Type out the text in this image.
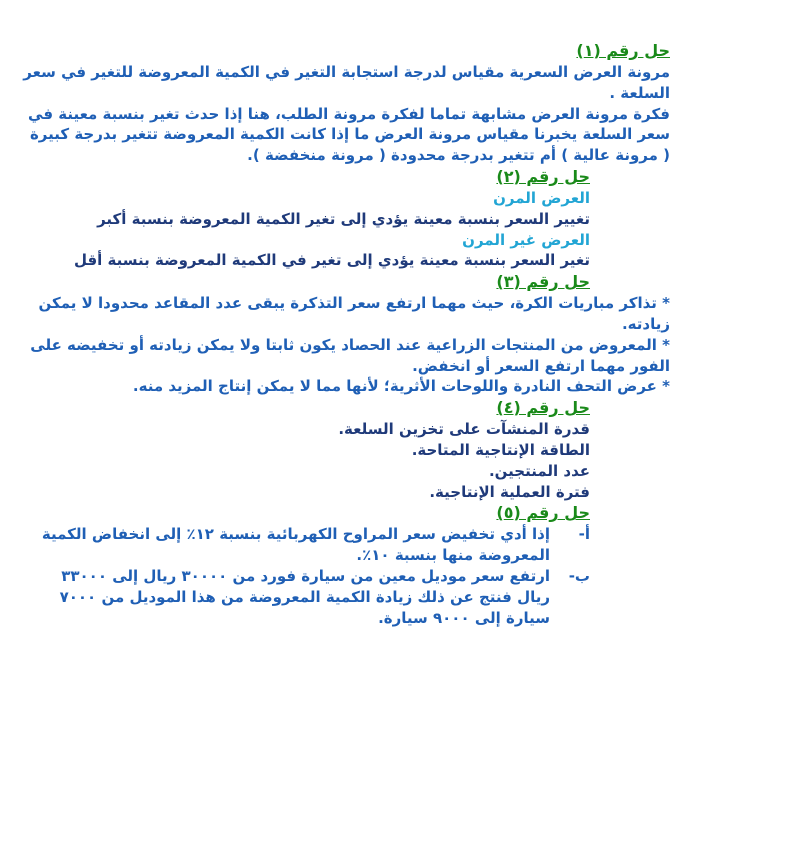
حل رقم (١)
مرونة العرض السعرية مقياس لدرجة استجابة التغير في الكمية المعروضة للتغير في سعر السلعة .
فكرة مرونة العرض مشابهة تماما لفكرة مرونة الطلب، هنا إذا حدث تغير بنسبة معينة في سعر السلعة يخبرنا مقياس مرونة العرض ما إذا كانت الكمية المعروضة تتغير بدرجة كبيرة ( مرونة عالية ) أم تتغير بدرجة محدودة ( مرونة منخفضة ).
حل رقم (٢)
العرض المرن
تغيير السعر بنسبة معينة يؤدي إلى تغير الكمية المعروضة بنسبة أكبر
العرض غير المرن
تغير السعر بنسبة معينة يؤدي إلى تغير في الكمية المعروضة بنسبة أقل
حل رقم (٣)
* تذاكر مباريات الكرة، حيث مهما ارتفع سعر التذكرة يبقى عدد المقاعد محدودا لا يمكن زيادته.
* المعروض من المنتجات الزراعية عند الحصاد يكون ثابتا ولا يمكن زيادته أو تخفيضه على الفور مهما ارتفع السعر أو انخفض.
* عرض التحف النادرة واللوحات الأثرية؛ لأنها مما لا يمكن إنتاج المزيد منه.
حل رقم (٤)
قدرة المنشآت على تخزين السلعة.
الطاقة الإنتاجية المتاحة.
عدد المنتجين.
فترة العملية الإنتاجية.
حل رقم (٥)
أ-
إذا أدي تخفيض سعر المراوح الكهربائية بنسبة ١٢٪ إلى انخفاض الكمية المعروضة منها بنسبة ١٠٪.
ب-
ارتفع سعر موديل معين من سيارة فورد من ٣٠٠٠٠ ريال إلى ٣٣٠٠٠ ريال فنتج عن ذلك زيادة الكمية المعروضة من هذا الموديل من ٧٠٠٠ سيارة إلى ٩٠٠٠ سيارة.
